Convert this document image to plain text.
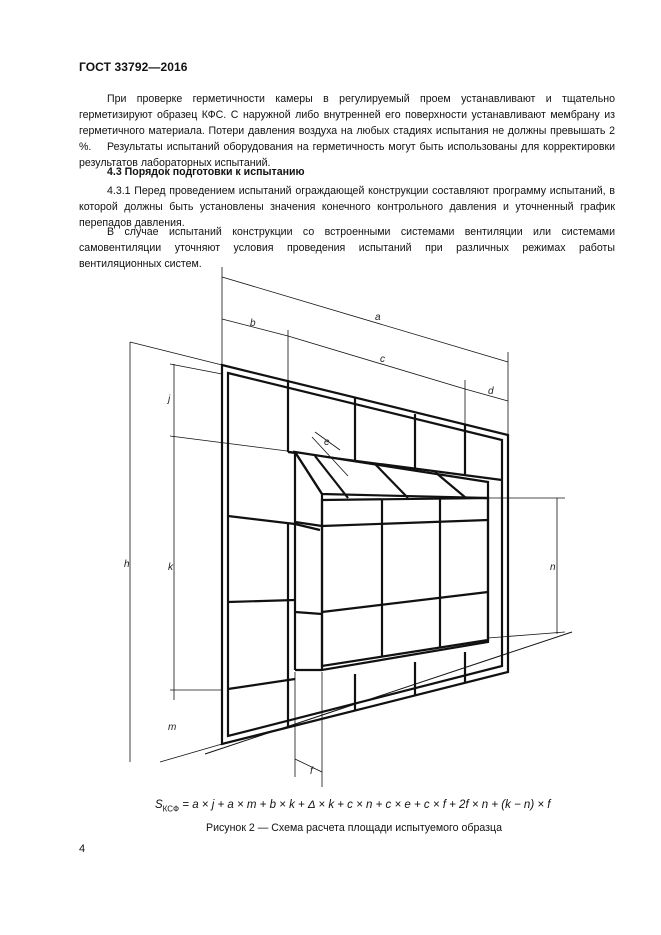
ГОСТ 33792—2016

При проверке герметичности камеры в регулируемый проем устанавливают и тщательно герметизируют образец КФС. С наружной либо внутренней его поверхности устанавливают мембрану из герметичного материала. Потери давления воздуха на любых стадиях испытания не должны превышать 2 %.	Результаты испытаний оборудования на герметичность могут быть использованы для корректировки результатов лабораторных испытаний.

4.3 Порядок подготовки к испытанию

4.3.1 Перед проведением испытаний ограждающей конструкции составляют программу испытаний, в которой должны быть установлены значения конечного контрольного давления и уточненный график перепадов давления.

В случае испытаний конструкции со встроенными системами вентиляции или системами самовентиляции уточняют условия проведения испытаний при различных режимах работы вентиляционных систем.

a
b
c
d
e
f
h
j
k
m
n
$S_{КСФ} = a \times j + a \times m + b \times k + \Delta \times k + c \times n + c \times e + c \times f + 2f \times n + (k - n) \times f$
Рисунок 2 — Схема расчета площади испытуемого образца
4
